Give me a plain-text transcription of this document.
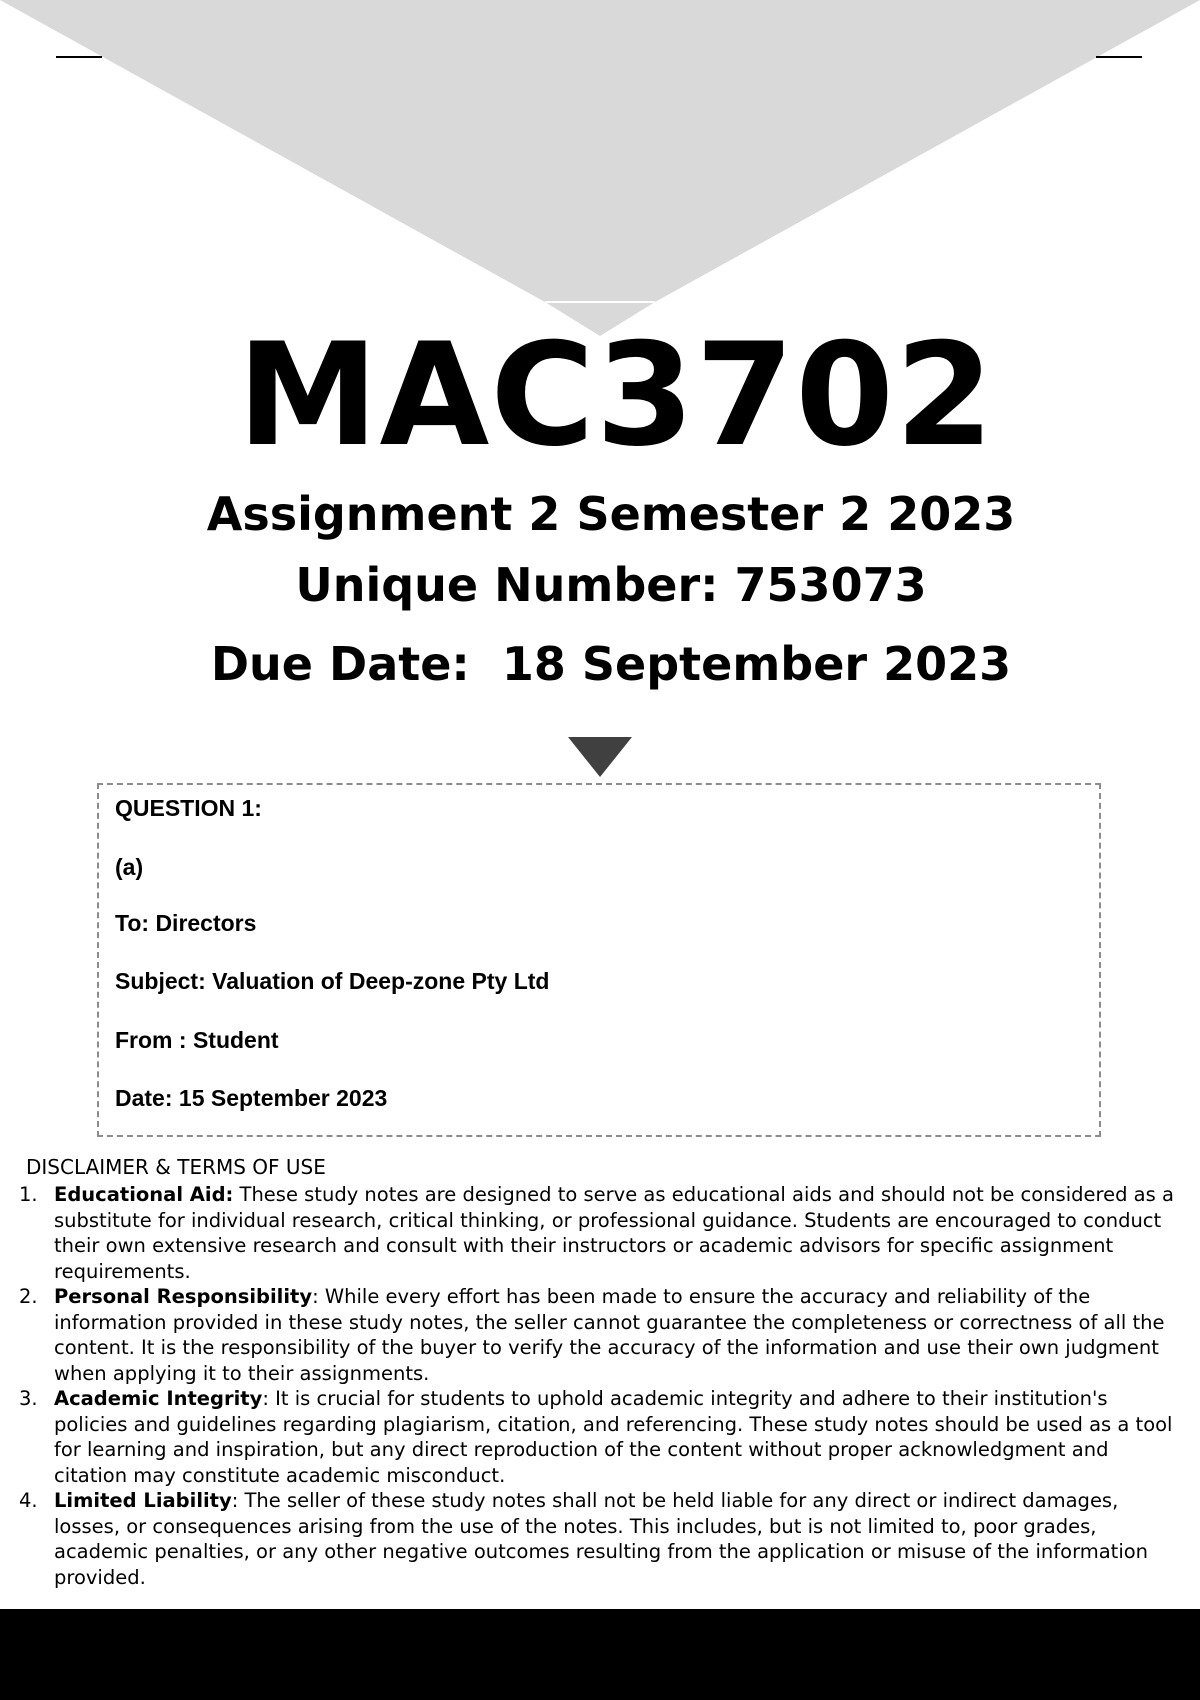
MAC3702
Assignment 2 Semester 2 2023
Unique Number: 753073
Due Date:  18 September 2023
QUESTION 1:
(a)
To: Directors
Subject: Valuation of Deep-zone Pty Ltd
From : Student
Date: 15 September 2023
DISCLAIMER & TERMS OF USE
1. Educational Aid: These study notes are designed to serve as educational aids and should not be considered as a substitute for individual research, critical thinking, or professional guidance. Students are encouraged to conduct their own extensive research and consult with their instructors or academic advisors for specific assignment requirements.
2. Personal Responsibility: While every effort has been made to ensure the accuracy and reliability of the information provided in these study notes, the seller cannot guarantee the completeness or correctness of all the content. It is the responsibility of the buyer to verify the accuracy of the information and use their own judgment when applying it to their assignments.
3. Academic Integrity: It is crucial for students to uphold academic integrity and adhere to their institution's policies and guidelines regarding plagiarism, citation, and referencing. These study notes should be used as a tool for learning and inspiration, but any direct reproduction of the content without proper acknowledgment and citation may constitute academic misconduct.
4. Limited Liability: The seller of these study notes shall not be held liable for any direct or indirect damages, losses, or consequences arising from the use of the notes. This includes, but is not limited to, poor grades, academic penalties, or any other negative outcomes resulting from the application or misuse of the information provided.
